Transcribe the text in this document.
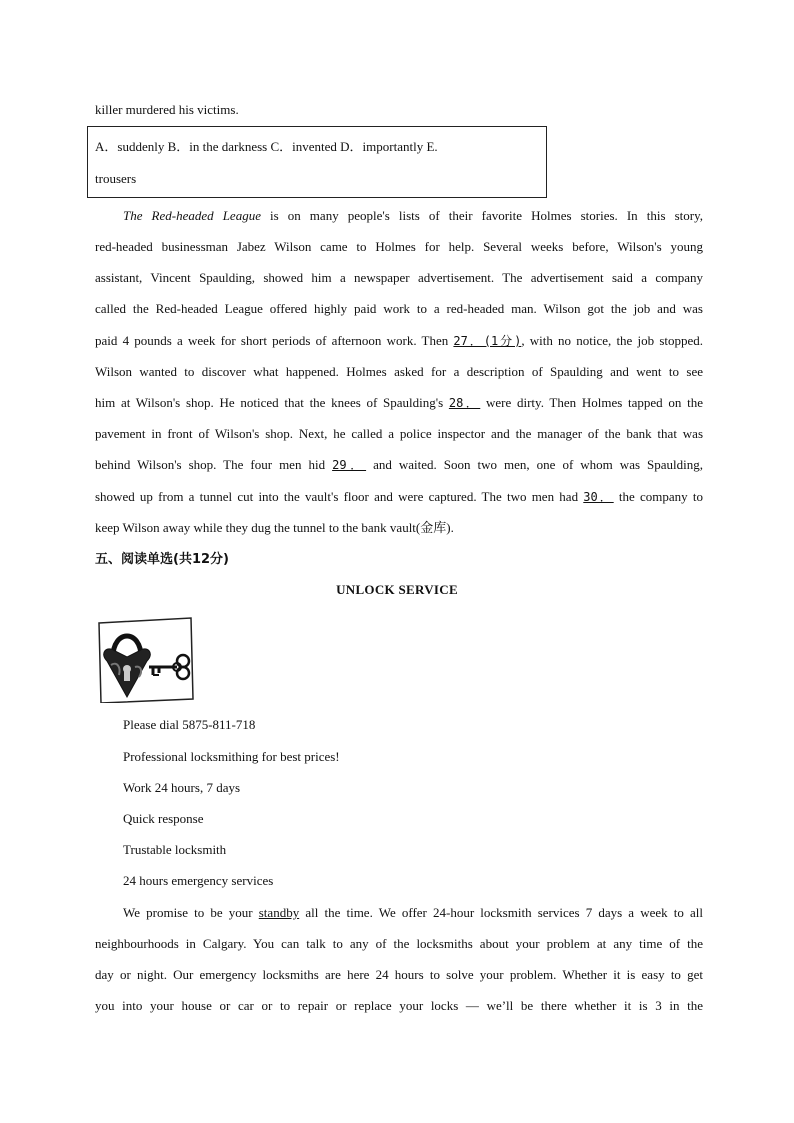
killer murdered his victims.
A．suddenly B．in the darkness C．invented D．importantly E.
trousers
The Red-headed League is on many people's lists of their favorite Holmes stories. In this story,
red-headed businessman Jabez Wilson came to Holmes for help. Several weeks before, Wilson's young
assistant, Vincent Spaulding, showed him a newspaper advertisement. The advertisement said a company
called the Red-headed League offered highly paid work to a red-headed man. Wilson got the job and was
paid 4 pounds a week for short periods of afternoon work. Then 27．(1分), with no notice, the job stopped.
Wilson wanted to discover what happened. Holmes asked for a description of Spaulding and went to see
him at Wilson's shop. He noticed that the knees of Spaulding's 28． were dirty. Then Holmes tapped on the
pavement in front of Wilson's shop. Next, he called a police inspector and the manager of the bank that was
behind Wilson's shop. The four men hid 29． and waited. Soon two men, one of whom was Spaulding,
showed up from a tunnel cut into the vault's floor and were captured. The two men had 30． the company to
keep Wilson away while they dug the tunnel to the bank vault(金库).
五、阅读单选(共12分)
UNLOCK SERVICE
Please dial 5875-811-718
Professional locksmithing for best prices!
Work 24 hours, 7 days
Quick response
Trustable locksmith
24 hours emergency services
We promise to be your standby all the time. We offer 24-hour locksmith services 7 days a week to all
neighbourhoods in Calgary. You can talk to any of the locksmiths about your problem at any time of the
day or night. Our emergency locksmiths are here 24 hours to solve your problem. Whether it is easy to get
you into your house or car or to repair or replace your locks — we’ll be there whether it is 3 in the
